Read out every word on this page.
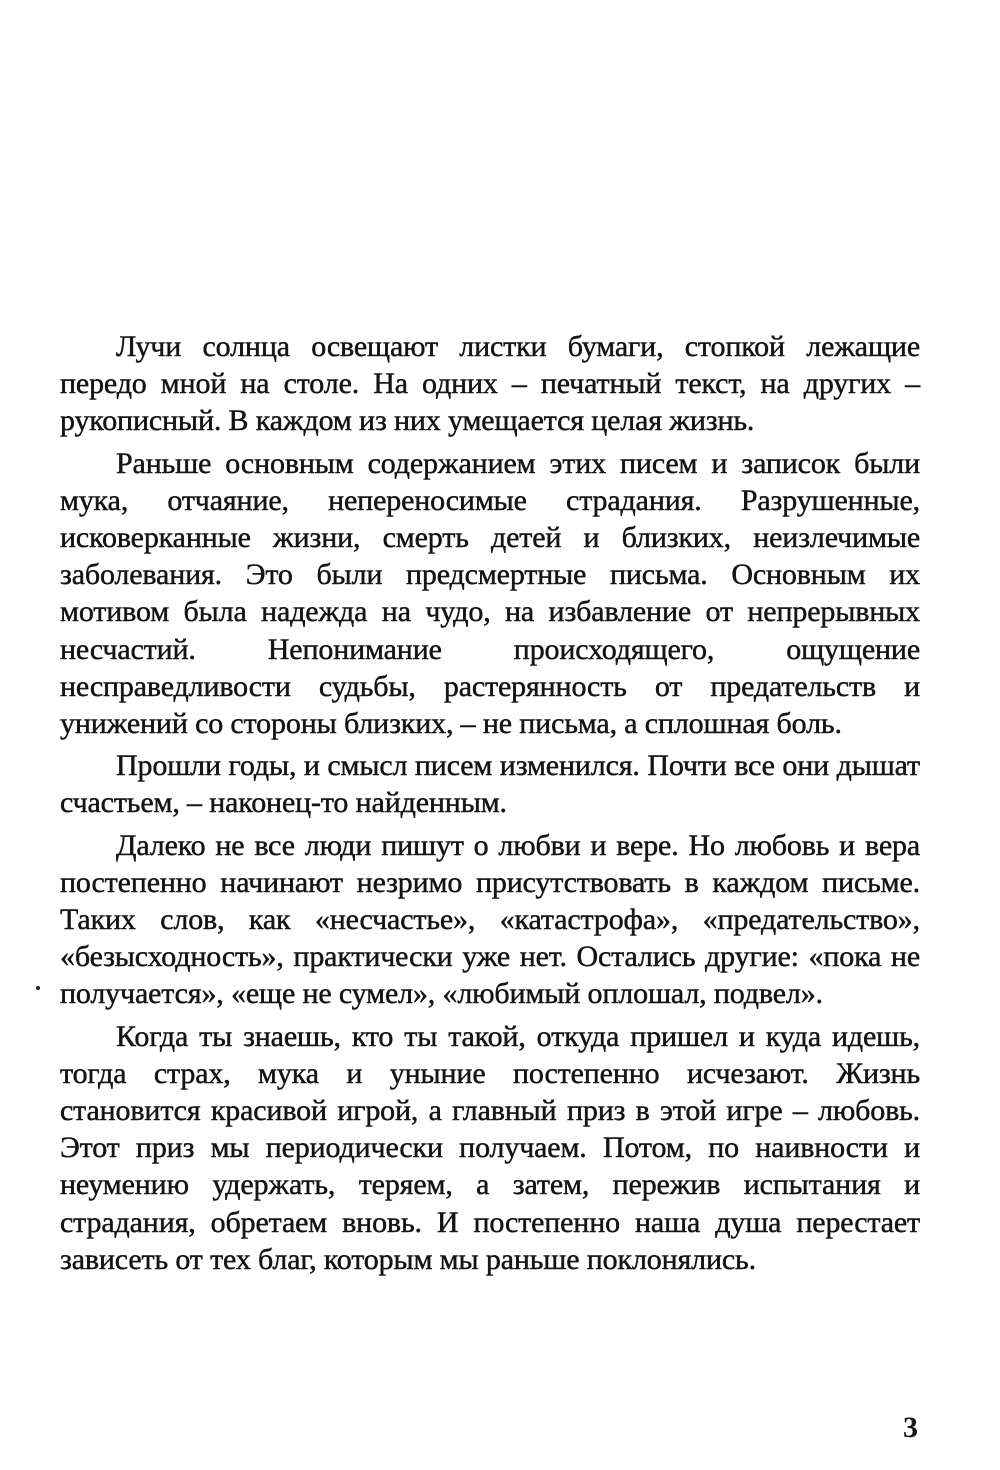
Лучи солнца освещают листки бумаги, стопкой лежащие передо мной на столе. На одних – печатный текст, на других – рукописный. В каждом из них умещается целая жизнь.

Раньше основным содержанием этих писем и записок были мука, отчаяние, непереносимые страдания. Разрушенные, исковерканные жизни, смерть детей и близких, неизлечимые заболевания. Это были предсмертные письма. Основным их мотивом была надежда на чудо, на избавление от непрерывных несчастий. Непонимание происходящего, ощущение несправедливости судьбы, растерянность от предательств и унижений со стороны близких, – не письма, а сплошная боль.

Прошли годы, и смысл писем изменился. Почти все они дышат счастьем, – наконец-то найденным.

Далеко не все люди пишут о любви и вере. Но любовь и вера постепенно начинают незримо присутствовать в каждом письме. Таких слов, как «несчастье», «катастрофа», «предательство», «безысходность», практически уже нет. Остались другие: «пока не получается», «еще не сумел», «любимый оплошал, подвел».

Когда ты знаешь, кто ты такой, откуда пришел и куда идешь, тогда страх, мука и уныние постепенно исчезают. Жизнь становится красивой игрой, а главный приз в этой игре – любовь. Этот приз мы периодически получаем. Потом, по наивности и неумению удержать, теряем, а затем, пережив испытания и страдания, обретаем вновь. И постепенно наша душа перестает зависеть от тех благ, которым мы раньше поклонялись.

3
